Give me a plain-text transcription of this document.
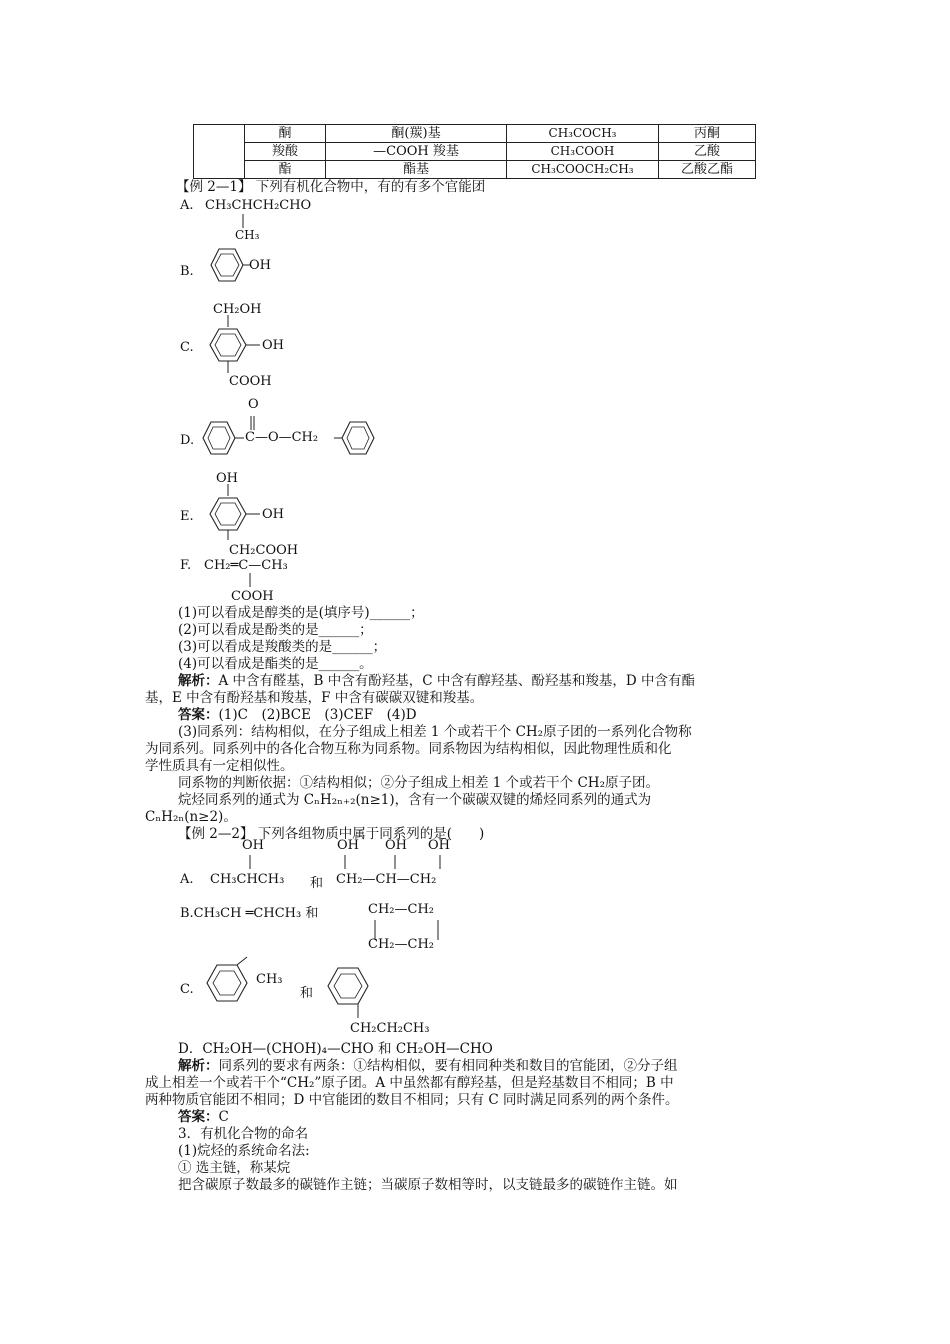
	酮	酮(羰)基	CH₃COCH₃	丙酮
	羧酸	—COOH 羧基	CH₃COOH	乙酸
	酯	酯基	CH₃COOCH₂CH₃	乙酸乙酯
【例 2—1】 下列有机化合物中，有的有多个官能团
A. CH₃CHCH₂CHO
CH₃
B.	OH
CH₂OH
C.	OH
COOH
O
D.	C—O—CH₂
OH
E.	OH
CH₂COOH
F. CH₂═C—CH₃
COOH
(1)可以看成是醇类的是(填序号)______；
(2)可以看成是酚类的是______；
(3)可以看成是羧酸类的是______；
(4)可以看成是酯类的是______。
解析：A 中含有醛基，B 中含有酚羟基，C 中含有醇羟基、酚羟基和羧基，D 中含有酯
基，E 中含有酚羟基和羧基，F 中含有碳碳双键和羧基。
答案：(1)C　(2)BCE　(3)CEF　(4)D
(3)同系列：结构相似，在分子组成上相差 1 个或若干个 CH₂原子团的一系列化合物称
为同系列。同系列中的各化合物互称为同系物。同系物因为结构相似，因此物理性质和化
学性质具有一定相似性。
同系物的判断依据：①结构相似；②分子组成上相差 1 个或若干个 CH₂原子团。
烷烃同系列的通式为 CₙH₂ₙ₊₂(n≥1)，含有一个碳碳双键的烯烃同系列的通式为
CₙH₂ₙ(n≥2)。
【例 2—2】 下列各组物质中属于同系列的是(　　)
OH	OH OH OH
A. CH₃CHCH₃ 和 CH₂—CH—CH₂
B.CH₃CH ═CHCH₃ 和	CH₂—CH₂
CH₂—CH₂
C.
CH₃
和
CH₂CH₂CH₃
D．CH₂OH—(CHOH)₄—CHO 和 CH₂OH—CHO
解析：同系列的要求有两条：①结构相似，要有相同种类和数目的官能团，②分子组
成上相差一个或若干个“CH₂”原子团。A 中虽然都有醇羟基，但是羟基数目不相同；B 中
两种物质官能团不相同；D 中官能团的数目不相同；只有 C 同时满足同系列的两个条件。
答案：C
3．有机化合物的命名
(1)烷烃的系统命名法:
① 选主链，称某烷
把含碳原子数最多的碳链作主链；当碳原子数相等时，以支链最多的碳链作主链。如
